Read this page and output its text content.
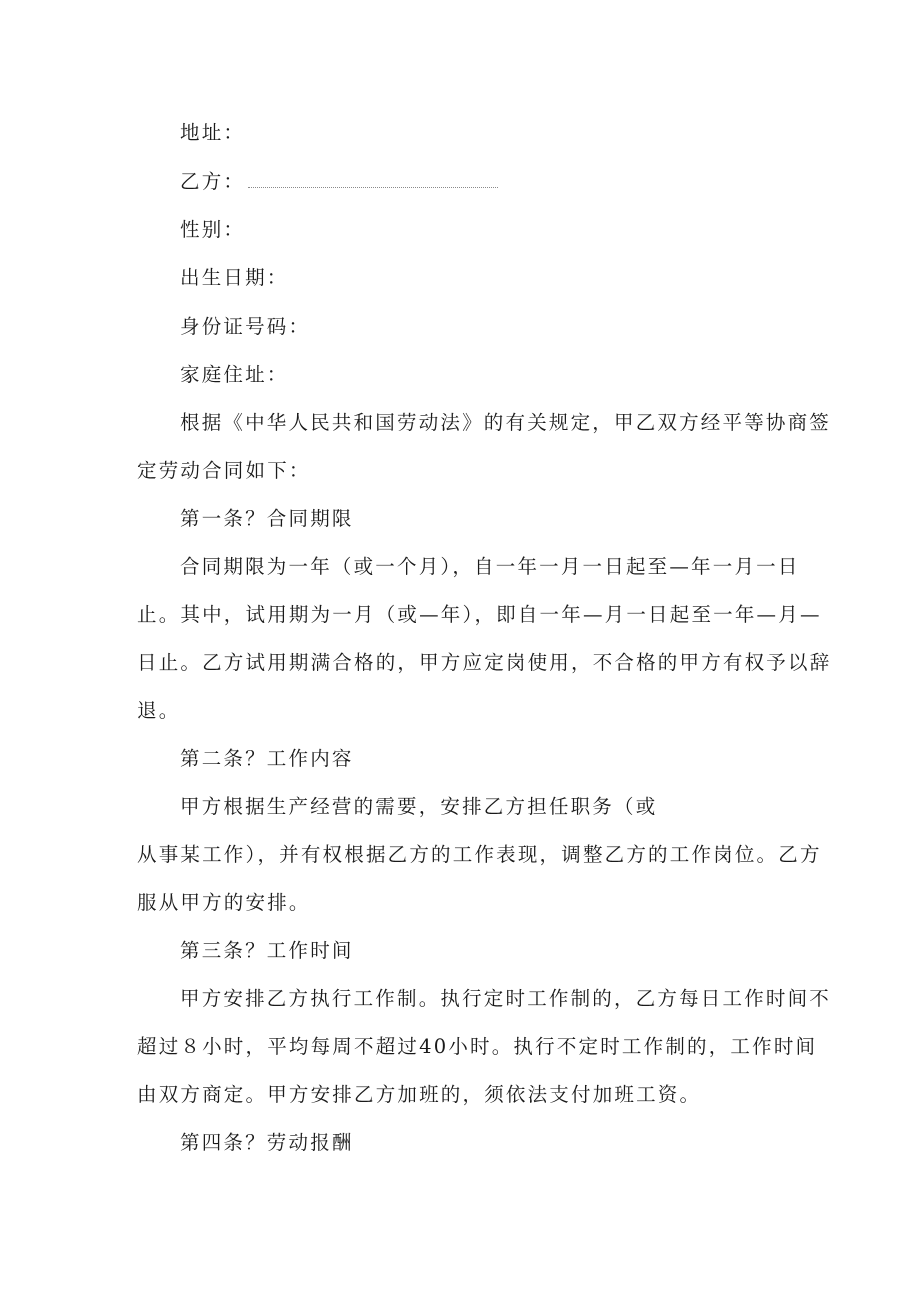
地址：
乙方：
性别：
出生日期：
身份证号码：
家庭住址：
根据《中华人民共和国劳动法》的有关规定，甲乙双方经平等协商签
定劳动合同如下：
第一条？合同期限
合同期限为一年（或一个月），自一年一月一日起至—年一月一日
止。其中，试用期为一月（或—年），即自一年—月一日起至一年—月—
日止。乙方试用期满合格的，甲方应定岗使用，不合格的甲方有权予以辞
退。
第二条？工作内容
甲方根据生产经营的需要，安排乙方担任职务（或
从事某工作），并有权根据乙方的工作表现，调整乙方的工作岗位。乙方
服从甲方的安排。
第三条？工作时间
甲方安排乙方执行工作制。执行定时工作制的，乙方每日工作时间不
超过８小时，平均每周不超过40小时。执行不定时工作制的，工作时间
由双方商定。甲方安排乙方加班的，须依法支付加班工资。
第四条？劳动报酬
